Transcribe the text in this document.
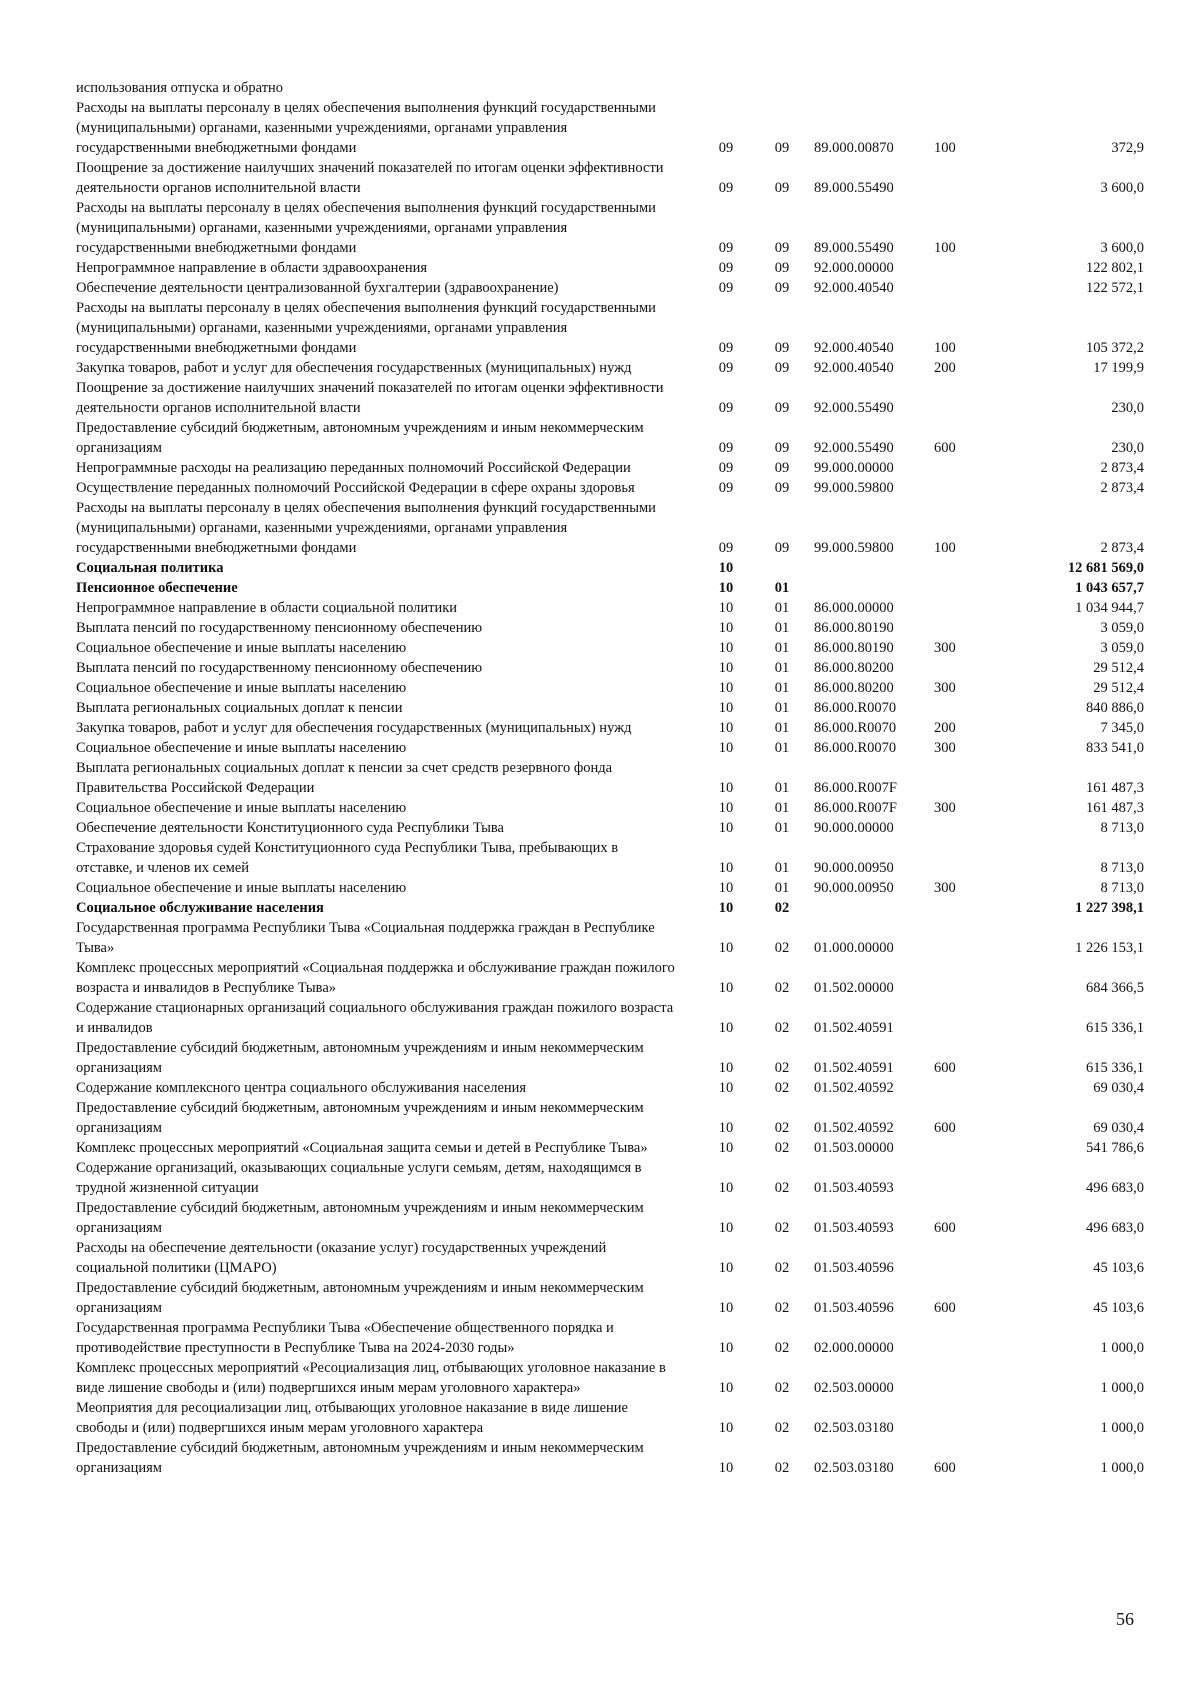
использования отпуска и обратно					
Расходы на выплаты персоналу в целях обеспечения выполнения функций государственными (муниципальными) органами, казенными учреждениями, органами управления государственными внебюджетными фондами	09	09	89.000.00870	100	372,9
Поощрение за достижение наилучших значений показателей по итогам оценки эффективности деятельности органов исполнительной власти	09	09	89.000.55490		3 600,0
Расходы на выплаты персоналу в целях обеспечения выполнения функций государственными (муниципальными) органами, казенными учреждениями, органами управления государственными внебюджетными фондами	09	09	89.000.55490	100	3 600,0
Непрограммное направление в области здравоохранения	09	09	92.000.00000		122 802,1
Обеспечение деятельности централизованной бухгалтерии (здравоохранение)	09	09	92.000.40540		122 572,1
Расходы на выплаты персоналу в целях обеспечения выполнения функций государственными (муниципальными) органами, казенными учреждениями, органами управления государственными внебюджетными фондами	09	09	92.000.40540	100	105 372,2
Закупка товаров, работ и услуг для обеспечения государственных (муниципальных) нужд	09	09	92.000.40540	200	17 199,9
Поощрение за достижение наилучших значений показателей по итогам оценки эффективности деятельности органов исполнительной власти	09	09	92.000.55490		230,0
Предоставление субсидий бюджетным, автономным учреждениям и иным некоммерческим организациям	09	09	92.000.55490	600	230,0
Непрограммные расходы на реализацию переданных полномочий Российской Федерации	09	09	99.000.00000		2 873,4
Осуществление переданных полномочий Российской Федерации в сфере охраны здоровья	09	09	99.000.59800		2 873,4
Расходы на выплаты персоналу в целях обеспечения выполнения функций государственными (муниципальными) органами, казенными учреждениями, органами управления государственными внебюджетными фондами	09	09	99.000.59800	100	2 873,4
Социальная политика	10				12 681 569,0
Пенсионное обеспечение	10	01			1 043 657,7
Непрограммное направление в области социальной политики	10	01	86.000.00000		1 034 944,7
Выплата пенсий по государственному пенсионному обеспечению	10	01	86.000.80190		3 059,0
Социальное обеспечение и иные выплаты населению	10	01	86.000.80190	300	3 059,0
Выплата пенсий по государственному пенсионному обеспечению	10	01	86.000.80200		29 512,4
Социальное обеспечение и иные выплаты населению	10	01	86.000.80200	300	29 512,4
Выплата региональных социальных доплат к пенсии	10	01	86.000.R0070		840 886,0
Закупка товаров, работ и услуг для обеспечения государственных (муниципальных) нужд	10	01	86.000.R0070	200	7 345,0
Социальное обеспечение и иные выплаты населению	10	01	86.000.R0070	300	833 541,0
Выплата региональных социальных доплат к пенсии за счет средств резервного фонда Правительства Российской Федерации	10	01	86.000.R007F		161 487,3
Социальное обеспечение и иные выплаты населению	10	01	86.000.R007F	300	161 487,3
Обеспечение деятельности Конституционного суда Республики Тыва	10	01	90.000.00000		8 713,0
Страхование здоровья судей Конституционного суда Республики Тыва, пребывающих в отставке, и членов их семей	10	01	90.000.00950		8 713,0
Социальное обеспечение и иные выплаты населению	10	01	90.000.00950	300	8 713,0
Социальное обслуживание населения	10	02			1 227 398,1
Государственная программа Республики Тыва «Социальная поддержка граждан в Республике Тыва»	10	02	01.000.00000		1 226 153,1
Комплекс процессных мероприятий «Социальная поддержка и обслуживание граждан пожилого возраста и инвалидов в Республике Тыва»	10	02	01.502.00000		684 366,5
Содержание стационарных организаций социального обслуживания граждан пожилого возраста и инвалидов	10	02	01.502.40591		615 336,1
Предоставление субсидий бюджетным, автономным учреждениям и иным некоммерческим организациям	10	02	01.502.40591	600	615 336,1
Содержание комплексного центра социального обслуживания населения	10	02	01.502.40592		69 030,4
Предоставление субсидий бюджетным, автономным учреждениям и иным некоммерческим организациям	10	02	01.502.40592	600	69 030,4
Комплекс процессных мероприятий «Социальная защита семьи и детей в Республике Тыва»	10	02	01.503.00000		541 786,6
Содержание организаций, оказывающих социальные услуги семьям, детям, находящимся в трудной жизненной ситуации	10	02	01.503.40593		496 683,0
Предоставление субсидий бюджетным, автономным учреждениям и иным некоммерческим организациям	10	02	01.503.40593	600	496 683,0
Расходы на обеспечение деятельности (оказание услуг) государственных учреждений социальной политики (ЦМАРО)	10	02	01.503.40596		45 103,6
Предоставление субсидий бюджетным, автономным учреждениям и иным некоммерческим организациям	10	02	01.503.40596	600	45 103,6
Государственная программа Республики Тыва «Обеспечение общественного порядка и противодействие преступности в Республике Тыва на 2024-2030 годы»	10	02	02.000.00000		1 000,0
Комплекс процессных мероприятий «Ресоциализация лиц, отбывающих уголовное наказание в виде лишение свободы и (или) подвергшихся иным мерам уголовного характера»	10	02	02.503.00000		1 000,0
Меоприятия для ресоциализации лиц, отбывающих уголовное наказание в виде лишение свободы и (или) подвергшихся иным мерам уголовного характера	10	02	02.503.03180		1 000,0
Предоставление субсидий бюджетным, автономным учреждениям и иным некоммерческим организациям	10	02	02.503.03180	600	1 000,0
56
